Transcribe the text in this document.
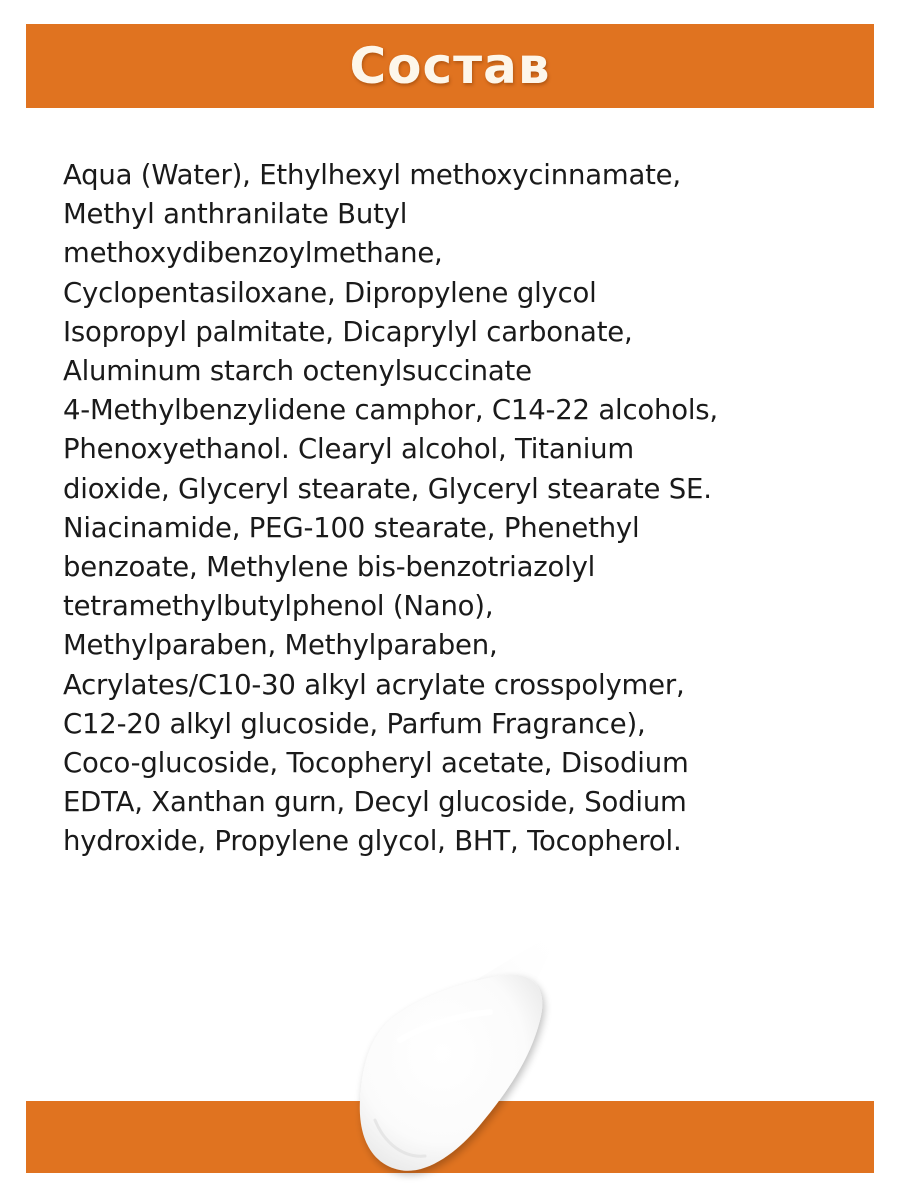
Состав
Aqua (Water), Ethylhexyl methoxycinnamate,
Methyl anthranilate Butyl
methoxydibenzoylmethane,
Cyclopentasiloxane, Dipropylene glycol
Isopropyl palmitate, Dicaprylyl carbonate,
Aluminum starch octenylsuccinate
4-Methylbenzylidene camphor, C14-22 alcohols,
Phenoxyethanol. Clearyl alcohol, Titanium
dioxide, Glyceryl stearate, Glyceryl stearate SE.
Niacinamide, PEG-100 stearate, Phenethyl
benzoate, Methylene bis-benzotriazolyl
tetramethylbutylphenol (Nano),
Methylparaben, Methylparaben,
Acrylates/C10-30 alkyl acrylate crosspolymer,
C12-20 alkyl glucoside, Parfum Fragrance),
Coco-glucoside, Tocopheryl acetate, Disodium
EDTA, Xanthan gurn, Decyl glucoside, Sodium
hydroxide, Propylene glycol, BHT, Tocopherol.
